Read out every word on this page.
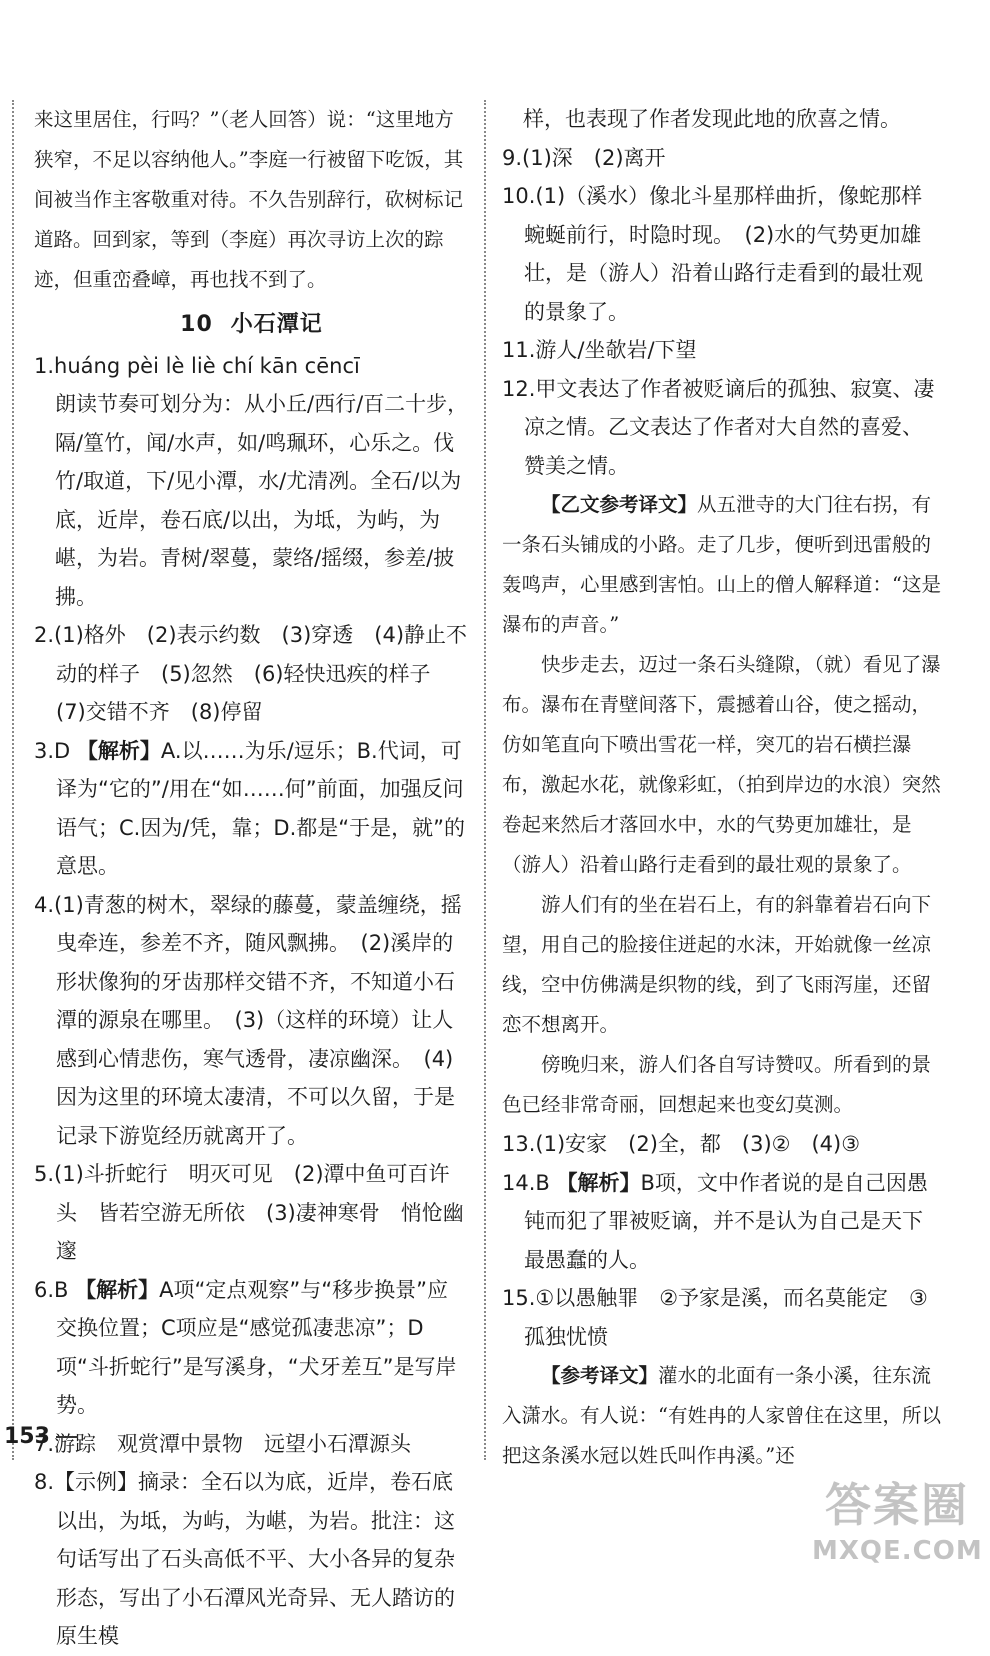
来这里居住，行吗？”（老人回答）说：“这里地方狭窄，不足以容纳他人。”李庭一行被留下吃饭，其间被当作主客敬重对待。不久告别辞行，砍树标记道路。回到家，等到（李庭）再次寻访上次的踪迹，但重峦叠嶂，再也找不到了。

10 小石潭记

1.huáng pèi lè liè chí kān cēncī

朗读节奏可划分为：从小丘/西行/百二十步，隔/篁竹，闻/水声，如/鸣珮环，心乐之。伐竹/取道，下/见小潭，水/尤清冽。全石/以为底，近岸，卷石底/以出，为坻，为屿，为嵁，为岩。青树/翠蔓，蒙络/摇缀，参差/披拂。

2.(1)格外　(2)表示约数　(3)穿透　(4)静止不动的样子　(5)忽然　(6)轻快迅疾的样子　(7)交错不齐　(8)停留

3.D 【解析】A.以……为乐/逗乐；B.代词，可译为“它的”/用在“如……何”前面，加强反问语气；C.因为/凭，靠；D.都是“于是，就”的意思。

4.(1)青葱的树木，翠绿的藤蔓，蒙盖缠绕，摇曳牵连，参差不齐，随风飘拂。　(2)溪岸的形状像狗的牙齿那样交错不齐，不知道小石潭的源泉在哪里。　(3)（这样的环境）让人感到心情悲伤，寒气透骨，凄凉幽深。　(4)因为这里的环境太凄清，不可以久留，于是记录下游览经历就离开了。

5.(1)斗折蛇行　明灭可见　(2)潭中鱼可百许头　皆若空游无所依　(3)凄神寒骨　悄怆幽邃

6.B 【解析】A项“定点观察”与“移步换景”应交换位置；C项应是“感觉孤凄悲凉”；D项“斗折蛇行”是写溪身，“犬牙差互”是写岸势。

7.游踪　观赏潭中景物　远望小石潭源头

8.【示例】摘录：全石以为底，近岸，卷石底以出，为坻，为屿，为嵁，为岩。批注：这句话写出了石头高低不平、大小各异的复杂形态，写出了小石潭风光奇异、无人踏访的原生模

样，也表现了作者发现此地的欣喜之情。

9.(1)深　(2)离开

10.(1)（溪水）像北斗星那样曲折，像蛇那样蜿蜒前行，时隐时现。　(2)水的气势更加雄壮，是（游人）沿着山路行走看到的最壮观的景象了。

11.游人/坐欹岩/下望

12.甲文表达了作者被贬谪后的孤独、寂寞、凄凉之情。乙文表达了作者对大自然的喜爱、赞美之情。

【乙文参考译文】从五泄寺的大门往右拐，有一条石头铺成的小路。走了几步，便听到迅雷般的轰鸣声，心里感到害怕。山上的僧人解释道：“这是瀑布的声音。”

快步走去，迈过一条石头缝隙，（就）看见了瀑布。瀑布在青壁间落下，震撼着山谷，使之摇动，仿如笔直向下喷出雪花一样，突兀的岩石横拦瀑布，激起水花，就像彩虹，（拍到岸边的水浪）突然卷起来然后才落回水中，水的气势更加雄壮，是（游人）沿着山路行走看到的最壮观的景象了。

游人们有的坐在岩石上，有的斜靠着岩石向下望，用自己的脸接住迸起的水沫，开始就像一丝凉线，空中仿佛满是织物的线，到了飞雨泻崖，还留恋不想离开。

傍晚归来，游人们各自写诗赞叹。所看到的景色已经非常奇丽，回想起来也变幻莫测。

13.(1)安家　(2)全，都　(3)②　(4)③

14.B 【解析】B项，文中作者说的是自己因愚钝而犯了罪被贬谪，并不是认为自己是天下最愚蠢的人。

15.①以愚触罪　②予家是溪，而名莫能定　③孤独忧愤

【参考译文】灌水的北面有一条小溪，往东流入潇水。有人说：“有姓冉的人家曾住在这里，所以把这条溪水冠以姓氏叫作冉溪。”还

153
答案圈
MXQE.COM
